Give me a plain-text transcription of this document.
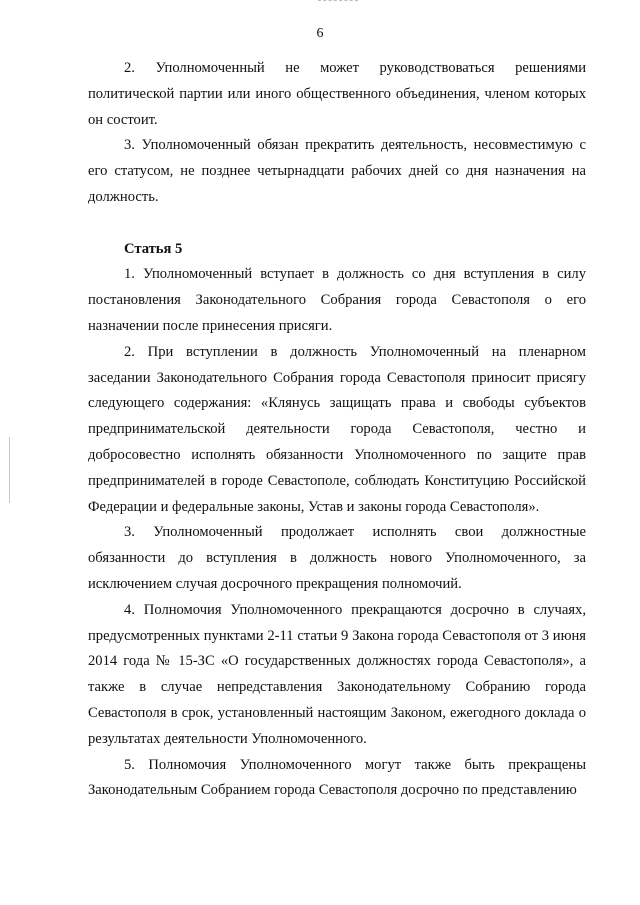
6

2. Уполномоченный не может руководствоваться решениями политической партии или иного общественного объединения, членом которых он состоит.

3. Уполномоченный обязан прекратить деятельность, несовместимую с его статусом, не позднее четырнадцати рабочих дней со дня назначения на должность.

Статья 5

1. Уполномоченный вступает в должность со дня вступления в силу постановления Законодательного Собрания города Севастополя о его назначении после принесения присяги.

2. При вступлении в должность Уполномоченный на пленарном заседании Законодательного Собрания города Севастополя приносит присягу следующего содержания: «Клянусь защищать права и свободы субъектов предпринимательской деятельности города Севастополя, честно и добросовестно исполнять обязанности Уполномоченного по защите прав предпринимателей в городе Севастополе, соблюдать Конституцию Российской Федерации и федеральные законы, Устав и законы города Севастополя».

3. Уполномоченный продолжает исполнять свои должностные обязанности до вступления в должность нового Уполномоченного, за исключением случая досрочного прекращения полномочий.

4. Полномочия Уполномоченного прекращаются досрочно в случаях, предусмотренных пунктами 2-11 статьи 9 Закона города Севастополя от 3 июня 2014 года № 15-ЗС «О государственных должностях города Севастополя», а также в случае непредставления Законодательному Собранию города Севастополя в срок, установленный настоящим Законом, ежегодного доклада о результатах деятельности Уполномоченного.

5. Полномочия Уполномоченного могут также быть прекращены Законодательным Собранием города Севастополя досрочно по представлению
